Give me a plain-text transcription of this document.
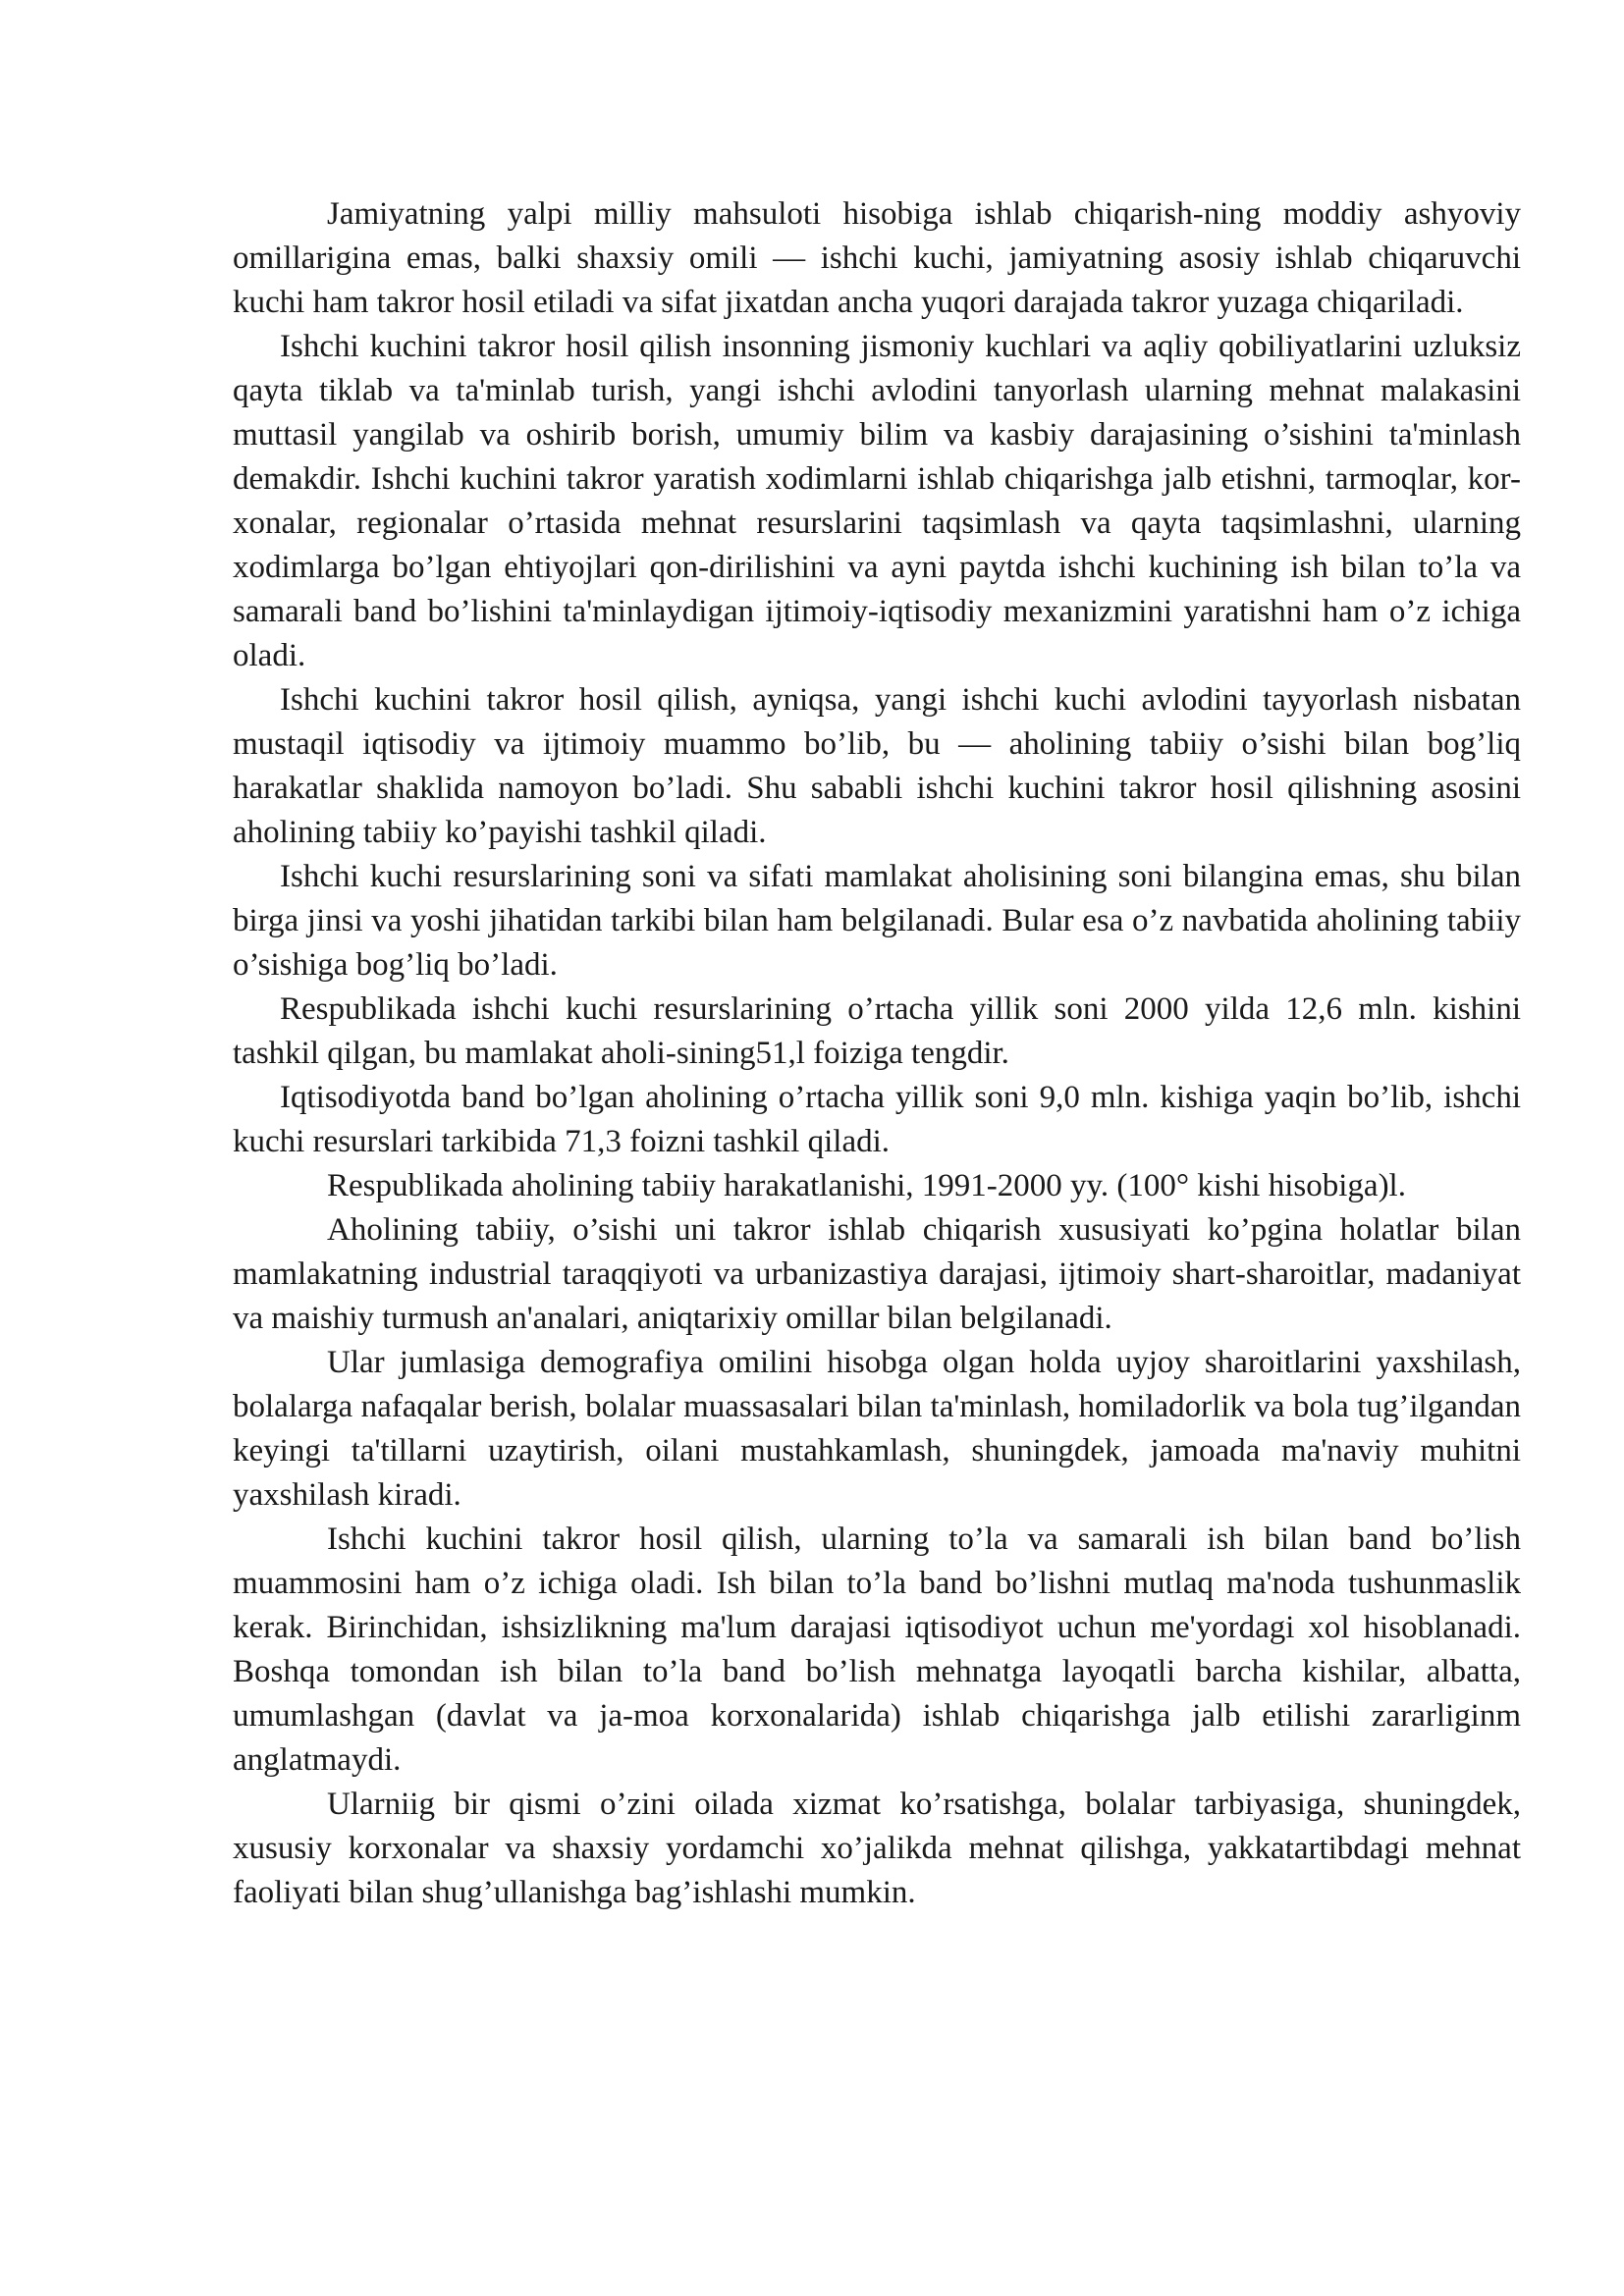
Jamiyatning yalpi milliy mahsuloti hisobiga ishlab chiqarish-ning moddiy ashyoviy omillarigina emas, balki shaxsiy omili — ishchi kuchi, jamiyatning asosiy ishlab chiqaruvchi kuchi ham takror hosil etiladi va sifat jixatdan ancha yuqori darajada takror yuzaga chiqariladi.

Ishchi kuchini takror hosil qilish insonning jismoniy kuchlari va aqliy qobiliyatlarini uzluksiz qayta tiklab va ta'minlab turish, yangi ishchi avlodini tanyorlash ularning mehnat malakasini muttasil yangilab va oshirib borish, umumiy bilim va kasbiy darajasining o’sishini ta'minlash demakdir. Ishchi kuchini takror yaratish xodimlarni ishlab chiqarishga jalb etishni, tarmoqlar, kor-xonalar, regionalar o’rtasida mehnat resurslarini taqsimlash va qayta taqsimlashni, ularning xodimlarga bo’lgan ehtiyojlari qon-dirilishini va ayni paytda ishchi kuchining ish bilan to’la va samarali band bo’lishini ta'minlaydigan ijtimoiy-iqtisodiy mexanizmini yaratishni ham o’z ichiga oladi.

Ishchi kuchini takror hosil qilish, ayniqsa, yangi ishchi kuchi avlodini tayyorlash nisbatan mustaqil iqtisodiy va ijtimoiy muammo bo’lib, bu — aholining tabiiy o’sishi bilan bog’liq harakatlar shaklida namoyon bo’ladi. Shu sababli ishchi kuchini takror hosil qilishning asosini aholining tabiiy ko’payishi tashkil qiladi.

Ishchi kuchi resurslarining soni va sifati mamlakat aholisining soni bilangina emas, shu bilan birga jinsi va yoshi jihatidan tarkibi bilan ham belgilanadi. Bular esa o’z navbatida aholining tabiiy o’sishiga bog’liq bo’ladi.

Respublikada ishchi kuchi resurslarining o’rtacha yillik soni 2000 yilda 12,6 mln. kishini tashkil qilgan, bu mamlakat aholi-sining51,l foiziga tengdir.

Iqtisodiyotda band bo’lgan aholining o’rtacha yillik soni 9,0 mln. kishiga yaqin bo’lib, ishchi kuchi resurslari tarkibida 71,3 foizni tashkil qiladi.

Respublikada aholining tabiiy harakatlanishi, 1991-2000 yy. (100° kishi hisobiga)l.

Aholining tabiiy, o’sishi uni takror ishlab chiqarish xususiyati ko’pgina holatlar bilan mamlakatning industrial taraqqiyoti va urbanizastiya darajasi, ijtimoiy shart-sharoitlar, madaniyat va maishiy turmush an'analari, aniqtarixiy omillar bilan belgilanadi.

Ular jumlasiga demografiya omilini hisobga olgan holda uyjoy sharoitlarini yaxshilash, bolalarga nafaqalar berish, bolalar muassasalari bilan ta'minlash, homiladorlik va bola tug’ilgandan keyingi ta'tillarni uzaytirish, oilani mustahkamlash, shuningdek, jamoada ma'naviy muhitni yaxshilash kiradi.

Ishchi kuchini takror hosil qilish, ularning to’la va samarali ish bilan band bo’lish muammosini ham o’z ichiga oladi. Ish bilan to’la band bo’lishni mutlaq ma'noda tushunmaslik kerak. Birinchidan, ishsizlikning ma'lum darajasi iqtisodiyot uchun me'yordagi xol hisoblanadi. Boshqa tomondan ish bilan to’la band bo’lish mehnatga layoqatli barcha kishilar, albatta, umumlashgan (davlat va ja-moa korxonalarida) ishlab chiqarishga jalb etilishi zararliginm anglatmaydi.

Ularniig bir qismi o’zini oilada xizmat ko’rsatishga, bolalar tarbiyasiga, shuningdek, xususiy korxonalar va shaxsiy yordamchi xo’jalikda mehnat qilishga, yakkatartibdagi mehnat faoliyati bilan shug’ullanishga bag’ishlashi mumkin.
